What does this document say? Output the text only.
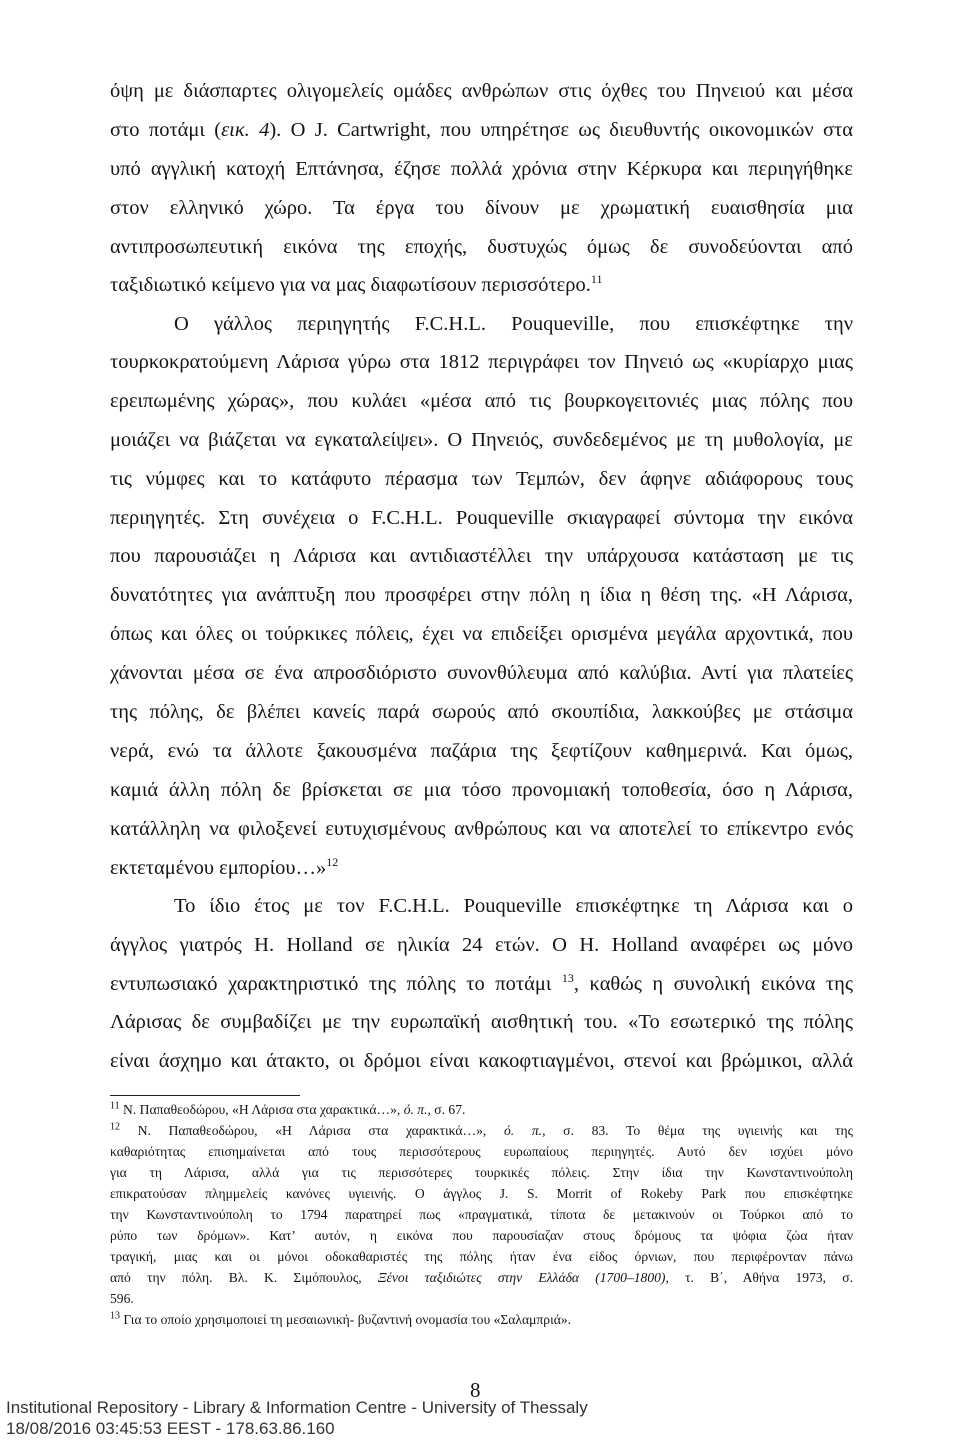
όψη με διάσπαρτες ολιγομελείς ομάδες ανθρώπων στις όχθες του Πηνειού και μέσα
στο ποτάμι (εικ. 4). Ο J. Cartwright, που υπηρέτησε ως διευθυντής οικονομικών στα
υπό αγγλική κατοχή Επτάνησα, έζησε πολλά χρόνια στην Κέρκυρα και περιηγήθηκε
στον ελληνικό χώρο. Τα έργα του δίνουν με χρωματική ευαισθησία μια
αντιπροσωπευτική εικόνα της εποχής, δυστυχώς όμως δε συνοδεύονται από
ταξιδιωτικό κείμενο για να μας διαφωτίσουν περισσότερο.$^{11}$
Ο γάλλος περιηγητής F.C.H.L. Pouqueville, που επισκέφτηκε την
τουρκοκρατούμενη Λάρισα γύρω στα 1812 περιγράφει τον Πηνειό ως «κυρίαρχο μιας
ερειπωμένης χώρας», που κυλάει «μέσα από τις βουρκογειτονιές μιας πόλης που
μοιάζει να βιάζεται να εγκαταλείψει». Ο Πηνειός, συνδεδεμένος με τη μυθολογία, με
τις νύμφες και το κατάφυτο πέρασμα των Τεμπών, δεν άφηνε αδιάφορους τους
περιηγητές. Στη συνέχεια ο F.C.H.L. Pouqueville σκιαγραφεί σύντομα την εικόνα
που παρουσιάζει η Λάρισα και αντιδιαστέλλει την υπάρχουσα κατάσταση με τις
δυνατότητες για ανάπτυξη που προσφέρει στην πόλη η ίδια η θέση της. «Η Λάρισα,
όπως και όλες οι τούρκικες πόλεις, έχει να επιδείξει ορισμένα μεγάλα αρχοντικά, που
χάνονται μέσα σε ένα απροσδιόριστο συνονθύλευμα από καλύβια. Αντί για πλατείες
της πόλης, δε βλέπει κανείς παρά σωρούς από σκουπίδια, λακκούβες με στάσιμα
νερά, ενώ τα άλλοτε ξακουσμένα παζάρια της ξεφτίζουν καθημερινά. Και όμως,
καμιά άλλη πόλη δε βρίσκεται σε μια τόσο προνομιακή τοποθεσία, όσο η Λάρισα,
κατάλληλη να φιλοξενεί ευτυχισμένους ανθρώπους και να αποτελεί το επίκεντρο ενός
εκτεταμένου εμπορίου…»$^{12}$
Το ίδιο έτος με τον F.C.H.L. Pouqueville επισκέφτηκε τη Λάρισα και ο
άγγλος γιατρός H. Holland σε ηλικία 24 ετών. Ο H. Holland αναφέρει ως μόνο
εντυπωσιακό χαρακτηριστικό της πόλης το ποτάμι $^{13}$, καθώς η συνολική εικόνα της
Λάρισας δε συμβαδίζει με την ευρωπαϊκή αισθητική του. «Το εσωτερικό της πόλης
είναι άσχημο και άτακτο, οι δρόμοι είναι κακοφτιαγμένοι, στενοί και βρώμικοι, αλλά
$^{11}$ Ν. Παπαθεοδώρου, «Η Λάρισα στα χαρακτικά…», ό. π., σ. 67.
$^{12}$ Ν. Παπαθεοδώρου, «Η Λάρισα στα χαρακτικά…», ό. π., σ. 83. Το θέμα της υγιεινής και της
καθαριότητας επισημαίνεται από τους περισσότερους ευρωπαίους περιηγητές. Αυτό δεν ισχύει μόνο
για τη Λάρισα, αλλά για τις περισσότερες τουρκικές πόλεις. Στην ίδια την Κωνσταντινούπολη
επικρατούσαν πλημμελείς κανόνες υγιεινής. Ο άγγλος J. S. Morrit of Rokeby Park που επισκέφτηκε
την Κωνσταντινούπολη το 1794 παρατηρεί πως «πραγματικά, τίποτα δε μετακινούν οι Τούρκοι από το
ρύπο των δρόμων». Κατ’ αυτόν, η εικόνα που παρουσίαζαν στους δρόμους τα ψόφια ζώα ήταν
τραγική, μιας και οι μόνοι οδοκαθαριστές της πόλης ήταν ένα είδος όρνιων, που περιφέρονταν πάνω
από την πόλη. Βλ. Κ. Σιμόπουλος, Ξένοι ταξιδιώτες στην Ελλάδα (1700–1800), τ. Β΄, Αθήνα 1973, σ.
596.
$^{13}$ Για το οποίο χρησιμοποιεί τη μεσαιωνική- βυζαντινή ονομασία του «Σαλαμπριά».
8
Institutional Repository - Library & Information Centre - University of Thessaly
18/08/2016 03:45:53 EEST - 178.63.86.160
